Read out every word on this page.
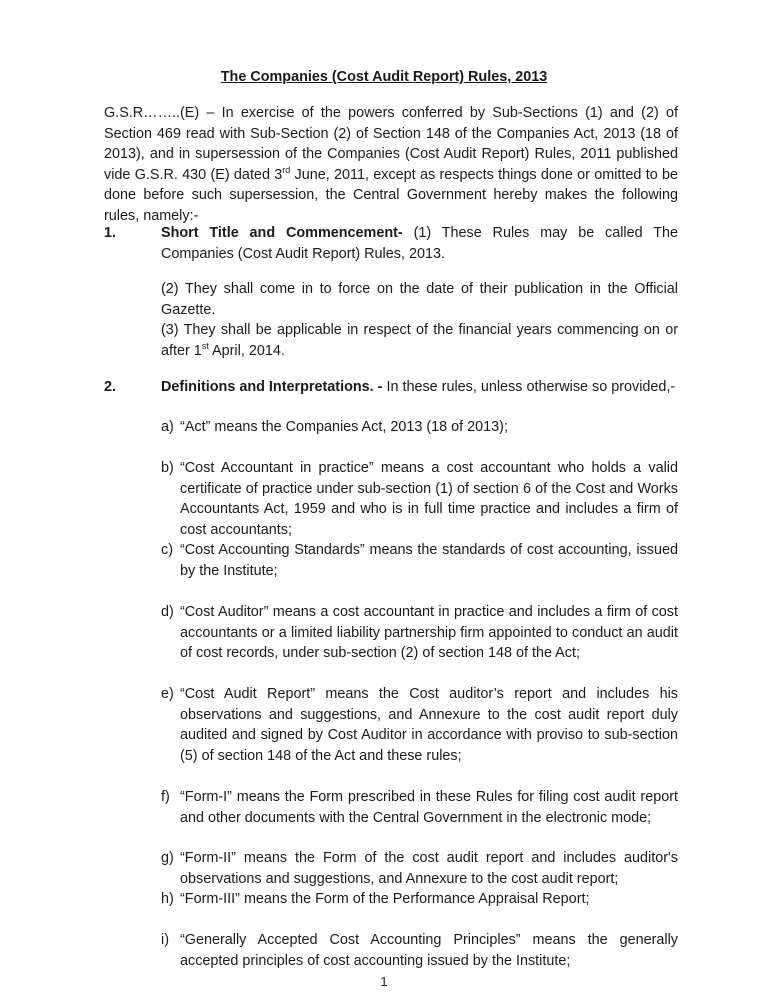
The Companies (Cost Audit Report) Rules, 2013
G.S.R……..(E) – In exercise of the powers conferred by Sub-Sections (1) and (2) of Section 469 read with Sub-Section (2) of Section 148 of the Companies Act, 2013 (18 of 2013), and in supersession of the Companies (Cost Audit Report) Rules, 2011 published vide G.S.R. 430 (E) dated 3rd June, 2011, except as respects things done or omitted to be done before such supersession, the Central Government hereby makes the following rules, namely:-
1.	Short Title and Commencement- (1) These Rules may be called The Companies (Cost Audit Report) Rules, 2013.
(2) They shall come in to force on the date of their publication in the Official Gazette.
(3) They shall be applicable in respect of the financial years commencing on or after 1st April, 2014.
2.	Definitions and Interpretations. - In these rules, unless otherwise so provided,-
a) “Act” means the Companies Act, 2013 (18 of 2013);
b) “Cost Accountant in practice” means a cost accountant who holds a valid certificate of practice under sub-section (1) of section 6 of the Cost and Works Accountants Act, 1959 and who is in full time practice and includes a firm of cost accountants;
c) “Cost Accounting Standards” means the standards of cost accounting, issued by the Institute;
d) “Cost Auditor” means a cost accountant in practice and includes a firm of cost accountants or a limited liability partnership firm appointed to conduct an audit of cost records, under sub-section (2) of section 148 of the Act;
e) “Cost Audit Report” means the Cost auditor’s report and includes his observations and suggestions, and Annexure to the cost audit report duly audited and signed by Cost Auditor in accordance with proviso to sub-section (5) of section 148 of the Act and these rules;
f) “Form-I” means the Form prescribed in these Rules for filing cost audit report and other documents with the Central Government in the electronic mode;
g) “Form-II” means the Form of the cost audit report and includes auditor's observations and suggestions, and Annexure to the cost audit report;
h) “Form-III” means the Form of the Performance Appraisal Report;
i) “Generally Accepted Cost Accounting Principles” means the generally accepted principles of cost accounting issued by the Institute;
1
